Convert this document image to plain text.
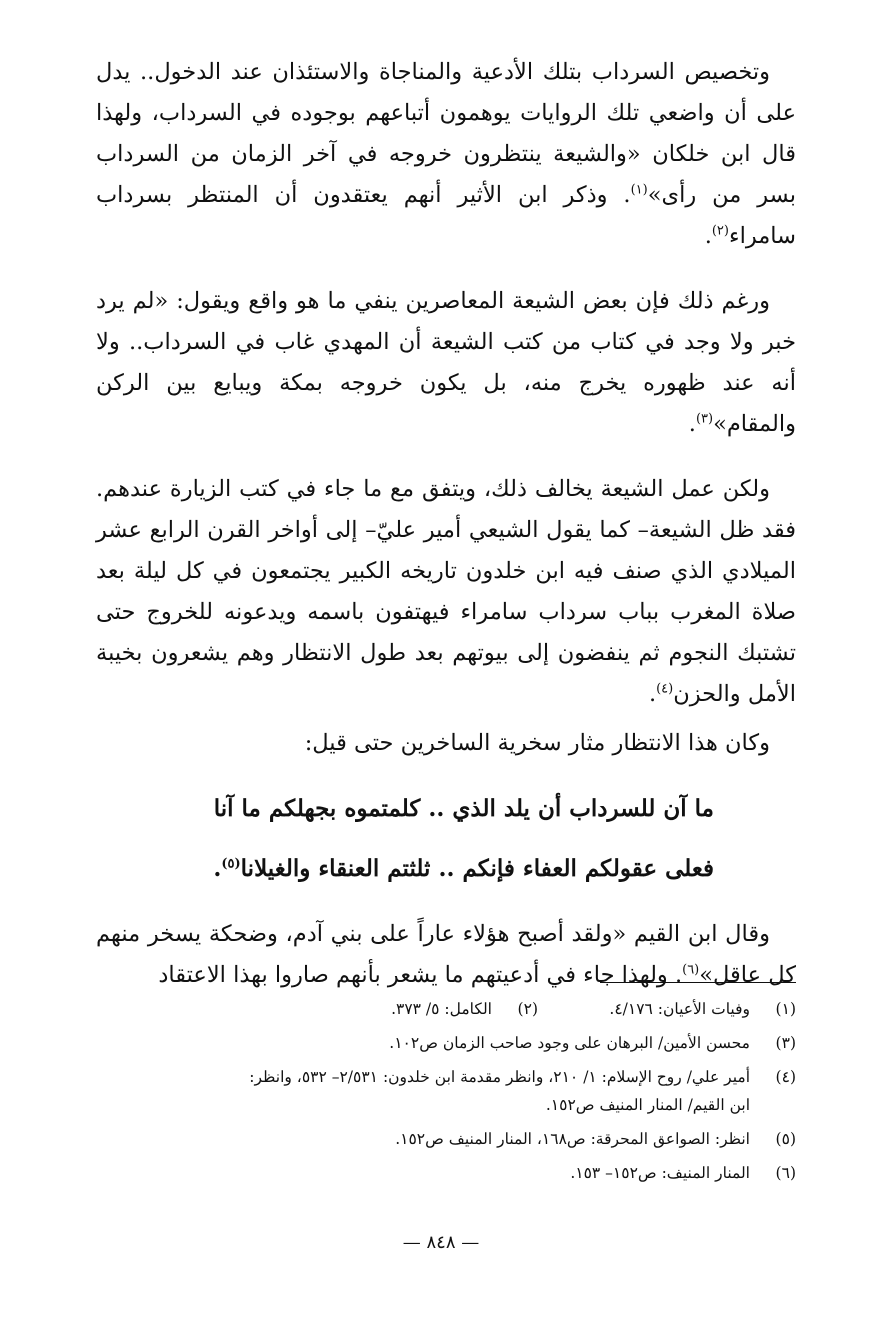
وتخصيص السرداب بتلك الأدعية والمناجاة والاستئذان عند الدخول.. يدل على أن واضعي تلك الروايات يوهمون أتباعهم بوجوده في السرداب، ولهذا قال ابن خلكان «والشيعة ينتظرون خروجه في آخر الزمان من السرداب بسر من رأى»$^{(١)}$. وذكر ابن الأثير أنهم يعتقدون أن المنتظر بسرداب سامراء$^{(٢)}$.

ورغم ذلك فإن بعض الشيعة المعاصرين ينفي ما هو واقع ويقول: «لم يرد خبر ولا وجد في كتاب من كتب الشيعة أن المهدي غاب في السرداب.. ولا أنه عند ظهوره يخرج منه، بل يكون خروجه بمكة ويبايع بين الركن والمقام»$^{(٣)}$.

ولكن عمل الشيعة يخالف ذلك، ويتفق مع ما جاء في كتب الزيارة عندهم. فقد ظل الشيعة– كما يقول الشيعي أمير عليّ– إلى أواخر القرن الرابع عشر الميلادي الذي صنف فيه ابن خلدون تاريخه الكبير يجتمعون في كل ليلة بعد صلاة المغرب بباب سرداب سامراء فيهتفون باسمه ويدعونه للخروج حتى تشتبك النجوم ثم ينفضون إلى بيوتهم بعد طول الانتظار وهم يشعرون بخيبة الأمل والحزن$^{(٤)}$.

وكان هذا الانتظار مثار سخرية الساخرين حتى قيل:

ما آن للسرداب أن يلد الذي .. كلمتموه بجهلكم ما آنا
فعلى عقولكم العفاء فإنكم .. ثلثتم العنقاء والغيلانا$^{(٥)}$.

وقال ابن القيم «ولقد أصبح هؤلاء عاراً على بني آدم، وضحكة يسخر منهم كل عاقل»$^{(٦)}$. ولهذا جاء في أدعيتهم ما يشعر بأنهم صاروا بهذا الاعتقاد

(١)
وفيات الأعيان: ٤/١٧٦.
(٢)
الكامل: ٥/ ٣٧٣.
(٣)
محسن الأمين/ البرهان على وجود صاحب الزمان ص١٠٢.
(٤)
أمير علي/ روح الإسلام: ١/ ٢١٠، وانظر مقدمة ابن خلدون: ٢/٥٣١– ٥٣٢، وانظر:
ابن القيم/ المنار المنيف ص١٥٢.
(٥)
انظر: الصواعق المحرقة: ص١٦٨، المنار المنيف ص١٥٢.
(٦)
المنار المنيف: ص١٥٢– ١٥٣.
— ٨٤٨ —
